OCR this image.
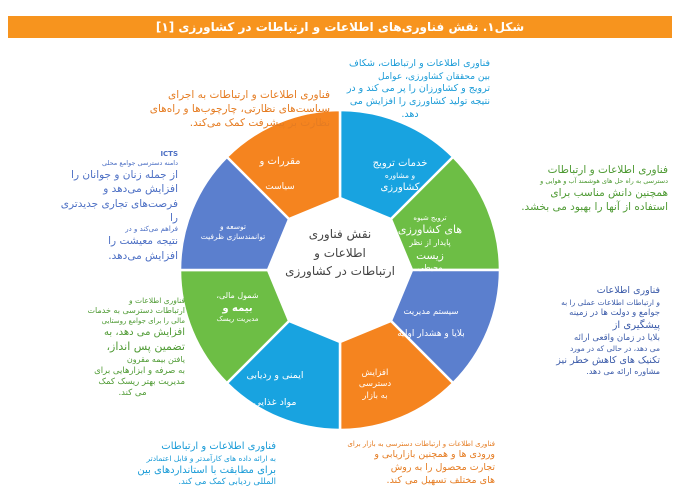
شکل۱. نقش فناوری‌های اطلاعات و ارتباطات در کشاورزی [۱]
نقش فناوری
اطلاعات و
ارتباطات در کشاورزی
خدمات ترویج
و مشاوره
کشاورزی
ترویج شیوه
های کشاورزی
پایدار از نظر
زیست
محیطی
سیستم مدیریت
بلایا و هشدار اولیه
افزایش
دسترسی
به بازار
ایمنی و ردیابی
مواد غذایی
شمول مالی،
بیمه و
مدیریت ریسک
توسعه و
توانمندسازی ظرفیت
مقررات و
سیاست
فناوری اطلاعات و ارتباطات، شکاف
بین محققان کشاورزی، عوامل
ترویج و کشاورزان را پر می کند و در
نتیجه تولید کشاورزی را افزایش می
دهد.
فناوری اطلاعات و ارتباطات به اجرای
سیاست‌های نظارتی، چارچوب‌ها و راه‌های
نظارت بر پیشرفت کمک می‌کند.
فناوری اطلاعات و ارتباطات
دسترسی به راه حل های هوشمند آب و هوایی و
همچنین دانش مناسب برای
استفاده از آنها را بهبود می بخشد.
ICTS
دامنه دسترسی جوامع محلی
از جمله زنان و جوانان را
افزایش می‌دهد و
فرصت‌های تجاری جدیدتری را
فراهم می‌کند و در
نتیجه معیشت را
افزایش می‌دهد.
فناوری اطلاعات
و ارتباطات اطلاعات عملی را به
جوامع و دولت ها در زمینه
پیشگیری از
بلایا در زمان واقعی ارائه
می دهد، در حالی که در مورد
تکنیک های کاهش خطر نیز
مشاوره ارائه می دهد.
فناوری اطلاعات و
ارتباطات دسترسی به خدمات
مالی را برای جوامع روستایی
افزایش می دهد، به
تضمین پس انداز،
یافتن بیمه مقرون
به صرفه و ابزارهایی برای
مدیریت بهتر ریسک کمک
می کند.
فناوری اطلاعات و ارتباطات
به ارائه داده های کارآمدتر و قابل اعتمادتر
برای مطابقت با استانداردهای بین
المللی ردیابی کمک می کند.
فناوری اطلاعات و ارتباطات دسترسی به بازار برای
ورودی ها و همچنین بازاریابی و
تجارت محصول را به روش
های مختلف تسهیل می کند.
